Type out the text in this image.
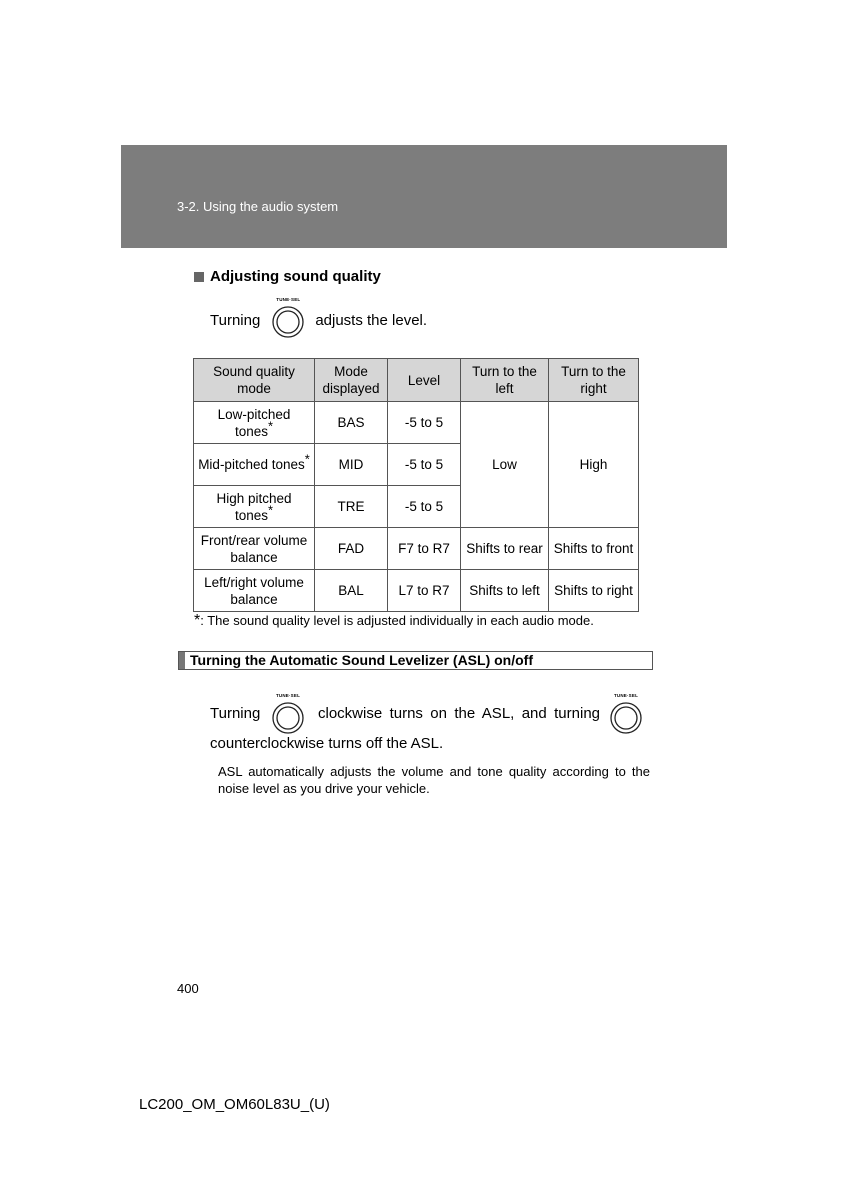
3-2. Using the audio system
Adjusting sound quality
Turning
TUNE·SEL
adjusts the level.
Sound quality mode	Mode displayed	Level	Turn to the left	Turn to the right
Low-pitched tones*	BAS	-5 to 5	Low	High
Mid-pitched tones*	MID	-5 to 5		
High pitched tones*	TRE	-5 to 5		
Front/rear volume balance	FAD	F7 to R7	Shifts to rear	Shifts to front
Left/right volume balance	BAL	L7 to R7	Shifts to left	Shifts to right
*: The sound quality level is adjusted individually in each audio mode.
Turning the Automatic Sound Levelizer (ASL) on/off
Turning
TUNE·SEL
clockwise turns on the ASL, and turning
TUNE·SEL
counterclockwise turns off the ASL.
ASL automatically adjusts the volume and tone quality according to the noise level as you drive your vehicle.
400
LC200_OM_OM60L83U_(U)
